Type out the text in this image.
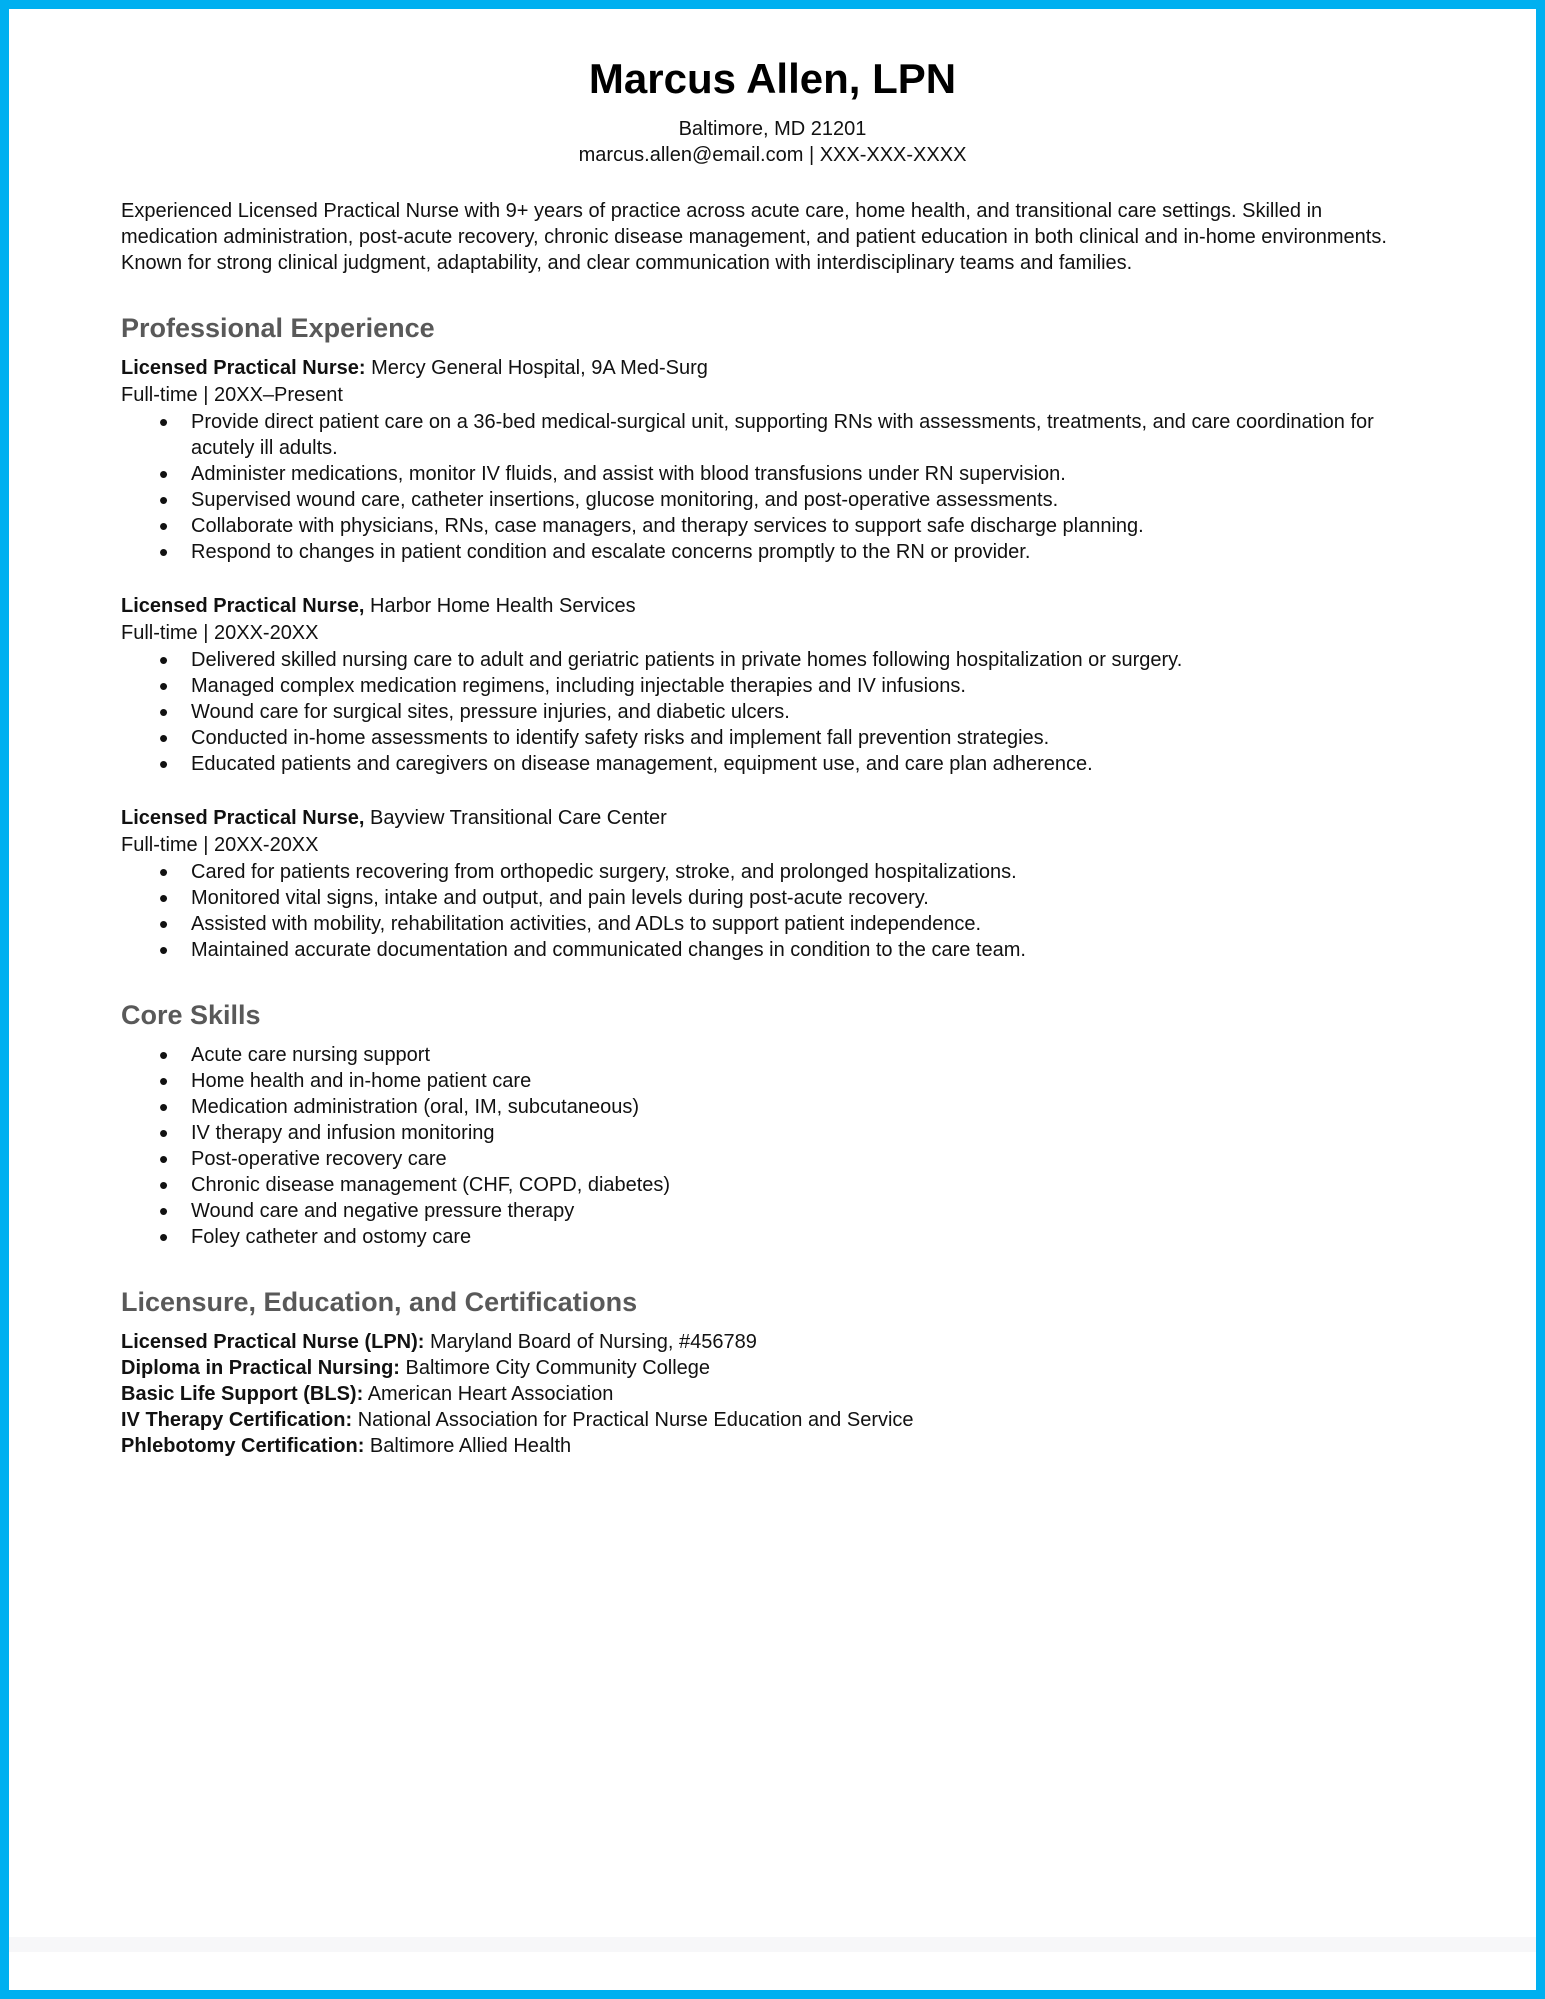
Marcus Allen, LPN

Baltimore, MD 21201

marcus.allen@email.com | XXX-XXX-XXXX

Experienced Licensed Practical Nurse with 9+ years of practice across acute care, home health, and transitional care settings. Skilled in medication administration, post-acute recovery, chronic disease management, and patient education in both clinical and in-home environments. Known for strong clinical judgment, adaptability, and clear communication with interdisciplinary teams and families.

Professional Experience

Licensed Practical Nurse: Mercy General Hospital, 9A Med-Surg

Full-time | 20XX–Present

• Provide direct patient care on a 36-bed medical-surgical unit, supporting RNs with assessments, treatments, and care coordination for acutely ill adults.
• Administer medications, monitor IV fluids, and assist with blood transfusions under RN supervision.
• Supervised wound care, catheter insertions, glucose monitoring, and post-operative assessments.
• Collaborate with physicians, RNs, case managers, and therapy services to support safe discharge planning.
• Respond to changes in patient condition and escalate concerns promptly to the RN or provider.

Licensed Practical Nurse, Harbor Home Health Services

Full-time | 20XX-20XX

• Delivered skilled nursing care to adult and geriatric patients in private homes following hospitalization or surgery.
• Managed complex medication regimens, including injectable therapies and IV infusions.
• Wound care for surgical sites, pressure injuries, and diabetic ulcers.
• Conducted in-home assessments to identify safety risks and implement fall prevention strategies.
• Educated patients and caregivers on disease management, equipment use, and care plan adherence.

Licensed Practical Nurse, Bayview Transitional Care Center

Full-time | 20XX-20XX

• Cared for patients recovering from orthopedic surgery, stroke, and prolonged hospitalizations.
• Monitored vital signs, intake and output, and pain levels during post-acute recovery.
• Assisted with mobility, rehabilitation activities, and ADLs to support patient independence.
• Maintained accurate documentation and communicated changes in condition to the care team.
Core Skills
• Acute care nursing support
• Home health and in-home patient care
• Medication administration (oral, IM, subcutaneous)
• IV therapy and infusion monitoring
• Post-operative recovery care
• Chronic disease management (CHF, COPD, diabetes)
• Wound care and negative pressure therapy
• Foley catheter and ostomy care
Licensure, Education, and Certifications

Licensed Practical Nurse (LPN): Maryland Board of Nursing, #456789

Diploma in Practical Nursing: Baltimore City Community College

Basic Life Support (BLS): American Heart Association

IV Therapy Certification: National Association for Practical Nurse Education and Service

Phlebotomy Certification: Baltimore Allied Health
